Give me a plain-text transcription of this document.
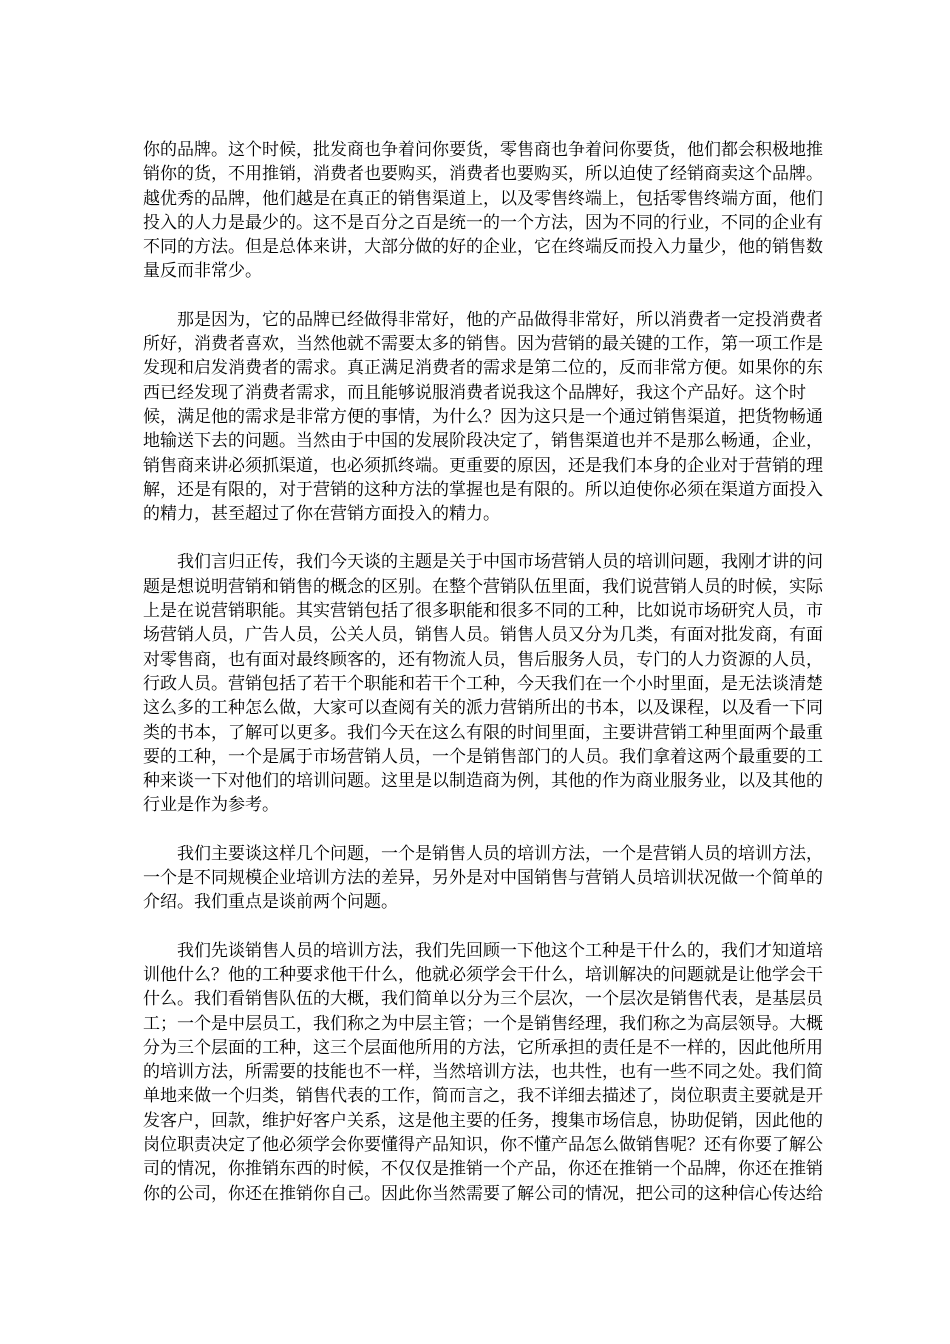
你的品牌。这个时候，批发商也争着问你要货，零售商也争着问你要货，他们都会积极地推
销你的货，不用推销，消费者也要购买，消费者也要购买，所以迫使了经销商卖这个品牌。
越优秀的品牌，他们越是在真正的销售渠道上，以及零售终端上，包括零售终端方面，他们
投入的人力是最少的。这不是百分之百是统一的一个方法，因为不同的行业，不同的企业有
不同的方法。但是总体来讲，大部分做的好的企业，它在终端反而投入力量少，他的销售数
量反而非常少。
那是因为，它的品牌已经做得非常好，他的产品做得非常好，所以消费者一定投消费者
所好，消费者喜欢，当然他就不需要太多的销售。因为营销的最关键的工作，第一项工作是
发现和启发消费者的需求。真正满足消费者的需求是第二位的，反而非常方便。如果你的东
西已经发现了消费者需求，而且能够说服消费者说我这个品牌好，我这个产品好。这个时
候，满足他的需求是非常方便的事情，为什么？因为这只是一个通过销售渠道，把货物畅通
地输送下去的问题。当然由于中国的发展阶段决定了，销售渠道也并不是那么畅通，企业，
销售商来讲必须抓渠道，也必须抓终端。更重要的原因，还是我们本身的企业对于营销的理
解，还是有限的，对于营销的这种方法的掌握也是有限的。所以迫使你必须在渠道方面投入
的精力，甚至超过了你在营销方面投入的精力。
我们言归正传，我们今天谈的主题是关于中国市场营销人员的培训问题，我刚才讲的问
题是想说明营销和销售的概念的区别。在整个营销队伍里面，我们说营销人员的时候，实际
上是在说营销职能。其实营销包括了很多职能和很多不同的工种，比如说市场研究人员，市
场营销人员，广告人员，公关人员，销售人员。销售人员又分为几类，有面对批发商，有面
对零售商，也有面对最终顾客的，还有物流人员，售后服务人员，专门的人力资源的人员，
行政人员。营销包括了若干个职能和若干个工种，今天我们在一个小时里面，是无法谈清楚
这么多的工种怎么做，大家可以查阅有关的派力营销所出的书本，以及课程，以及看一下同
类的书本，了解可以更多。我们今天在这么有限的时间里面，主要讲营销工种里面两个最重
要的工种，一个是属于市场营销人员，一个是销售部门的人员。我们拿着这两个最重要的工
种来谈一下对他们的培训问题。这里是以制造商为例，其他的作为商业服务业，以及其他的
行业是作为参考。
我们主要谈这样几个问题，一个是销售人员的培训方法，一个是营销人员的培训方法，
一个是不同规模企业培训方法的差异，另外是对中国销售与营销人员培训状况做一个简单的
介绍。我们重点是谈前两个问题。
我们先谈销售人员的培训方法，我们先回顾一下他这个工种是干什么的，我们才知道培
训他什么？他的工种要求他干什么，他就必须学会干什么，培训解决的问题就是让他学会干
什么。我们看销售队伍的大概，我们简单以分为三个层次，一个层次是销售代表，是基层员
工；一个是中层员工，我们称之为中层主管；一个是销售经理，我们称之为高层领导。大概
分为三个层面的工种，这三个层面他所用的方法，它所承担的责任是不一样的，因此他所用
的培训方法，所需要的技能也不一样，当然培训方法，也共性，也有一些不同之处。我们简
单地来做一个归类，销售代表的工作，简而言之，我不详细去描述了，岗位职责主要就是开
发客户，回款，维护好客户关系，这是他主要的任务，搜集市场信息，协助促销，因此他的
岗位职责决定了他必须学会你要懂得产品知识，你不懂产品怎么做销售呢？还有你要了解公
司的情况，你推销东西的时候，不仅仅是推销一个产品，你还在推销一个品牌，你还在推销
你的公司，你还在推销你自己。因此你当然需要了解公司的情况，把公司的这种信心传达给
